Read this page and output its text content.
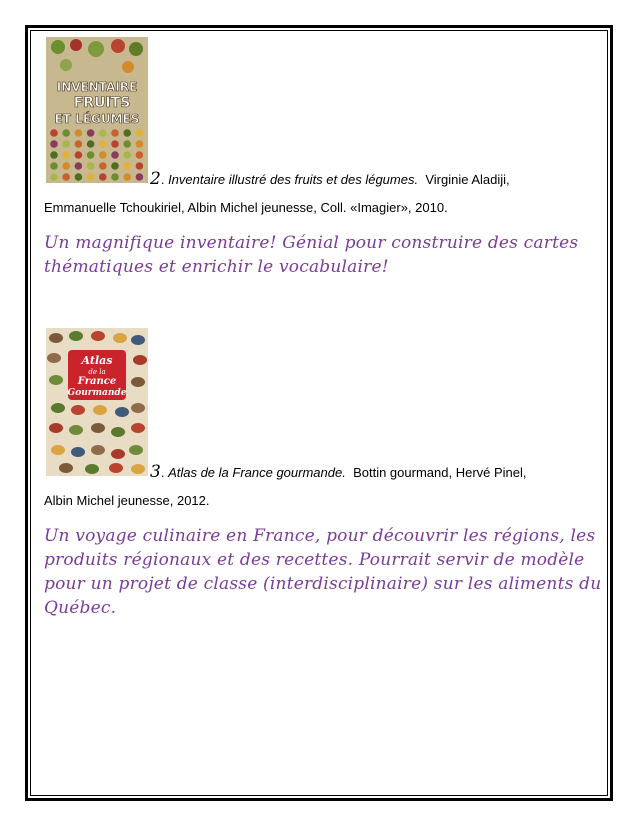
INVENTAIRE
FRUITS
ET LÉGUMES
2. Inventaire illustré des fruits et des légumes. Virginie Aladiji,
Emmanuelle Tchoukiriel, Albin Michel jeunesse, Coll. «Imagier», 2010.
Un magnifique inventaire! Génial pour construire des cartes
thématiques et enrichir le vocabulaire!
Atlas
de la
France
Gourmande
3. Atlas de la France gourmande. Bottin gourmand, Hervé Pinel,
Albin Michel jeunesse, 2012.
Un voyage culinaire en France, pour découvrir les régions, les
produits régionaux et des recettes. Pourrait servir de modèle
pour un projet de classe (interdisciplinaire) sur les aliments du
Québec.
